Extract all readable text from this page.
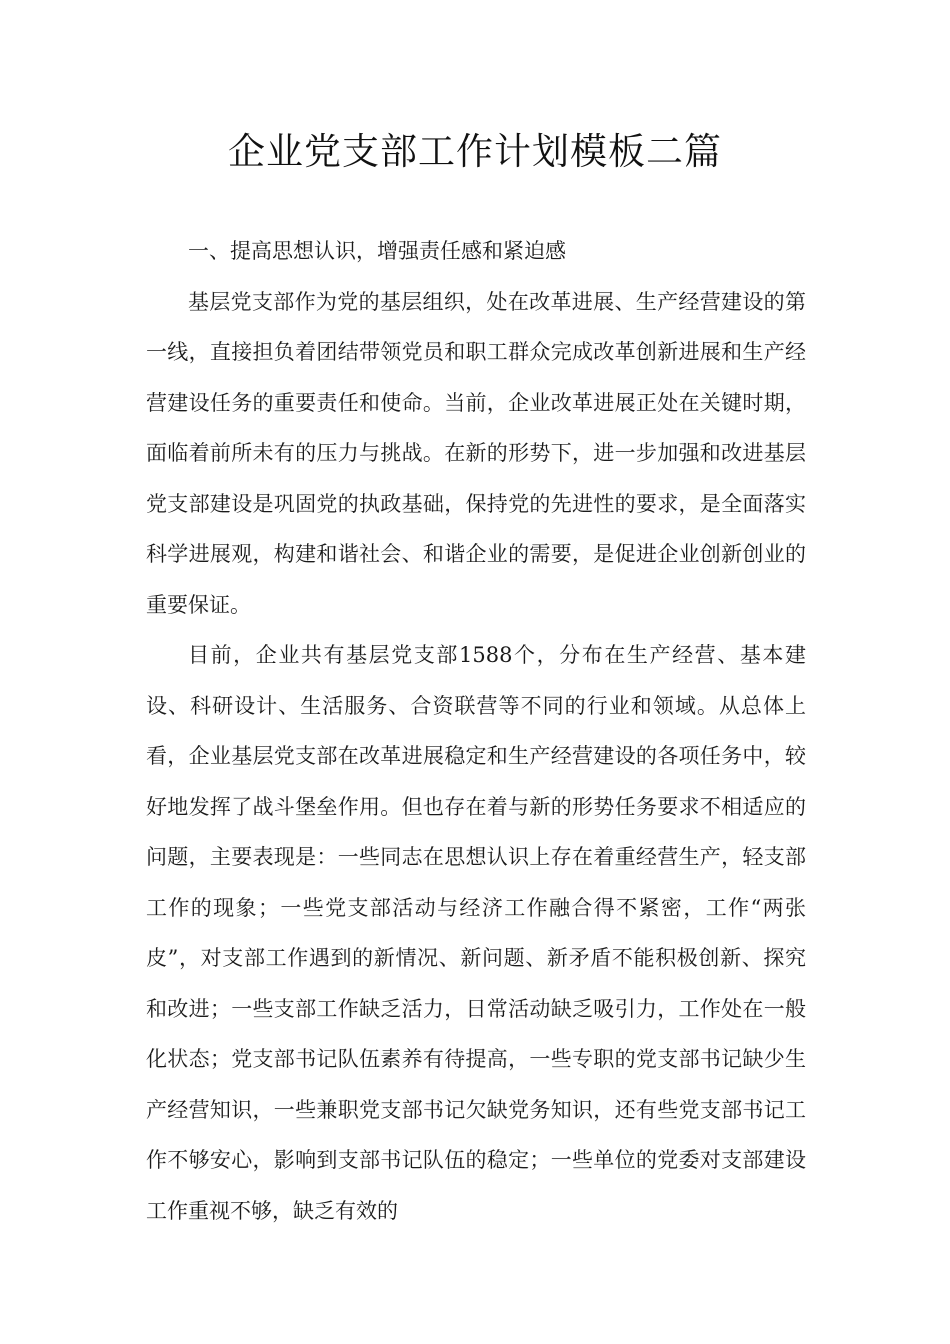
企业党支部工作计划模板二篇

一、提高思想认识，增强责任感和紧迫感

基层党支部作为党的基层组织，处在改革进展、生产经营建设的第一线，直接担负着团结带领党员和职工群众完成改革创新进展和生产经营建设任务的重要责任和使命。当前，企业改革进展正处在关键时期，面临着前所未有的压力与挑战。在新的形势下，进一步加强和改进基层党支部建设是巩固党的执政基础，保持党的先进性的要求，是全面落实科学进展观，构建和谐社会、和谐企业的需要，是促进企业创新创业的重要保证。

目前，企业共有基层党支部1588个，分布在生产经营、基本建设、科研设计、生活服务、合资联营等不同的行业和领域。从总体上看，企业基层党支部在改革进展稳定和生产经营建设的各项任务中，较好地发挥了战斗堡垒作用。但也存在着与新的形势任务要求不相适应的问题，主要表现是：一些同志在思想认识上存在着重经营生产，轻支部工作的现象；一些党支部活动与经济工作融合得不紧密，工作“两张皮”，对支部工作遇到的新情况、新问题、新矛盾不能积极创新、探究和改进；一些支部工作缺乏活力，日常活动缺乏吸引力，工作处在一般化状态；党支部书记队伍素养有待提高，一些专职的党支部书记缺少生产经营知识，一些兼职党支部书记欠缺党务知识，还有些党支部书记工作不够安心，影响到支部书记队伍的稳定；一些单位的党委对支部建设工作重视不够，缺乏有效的
